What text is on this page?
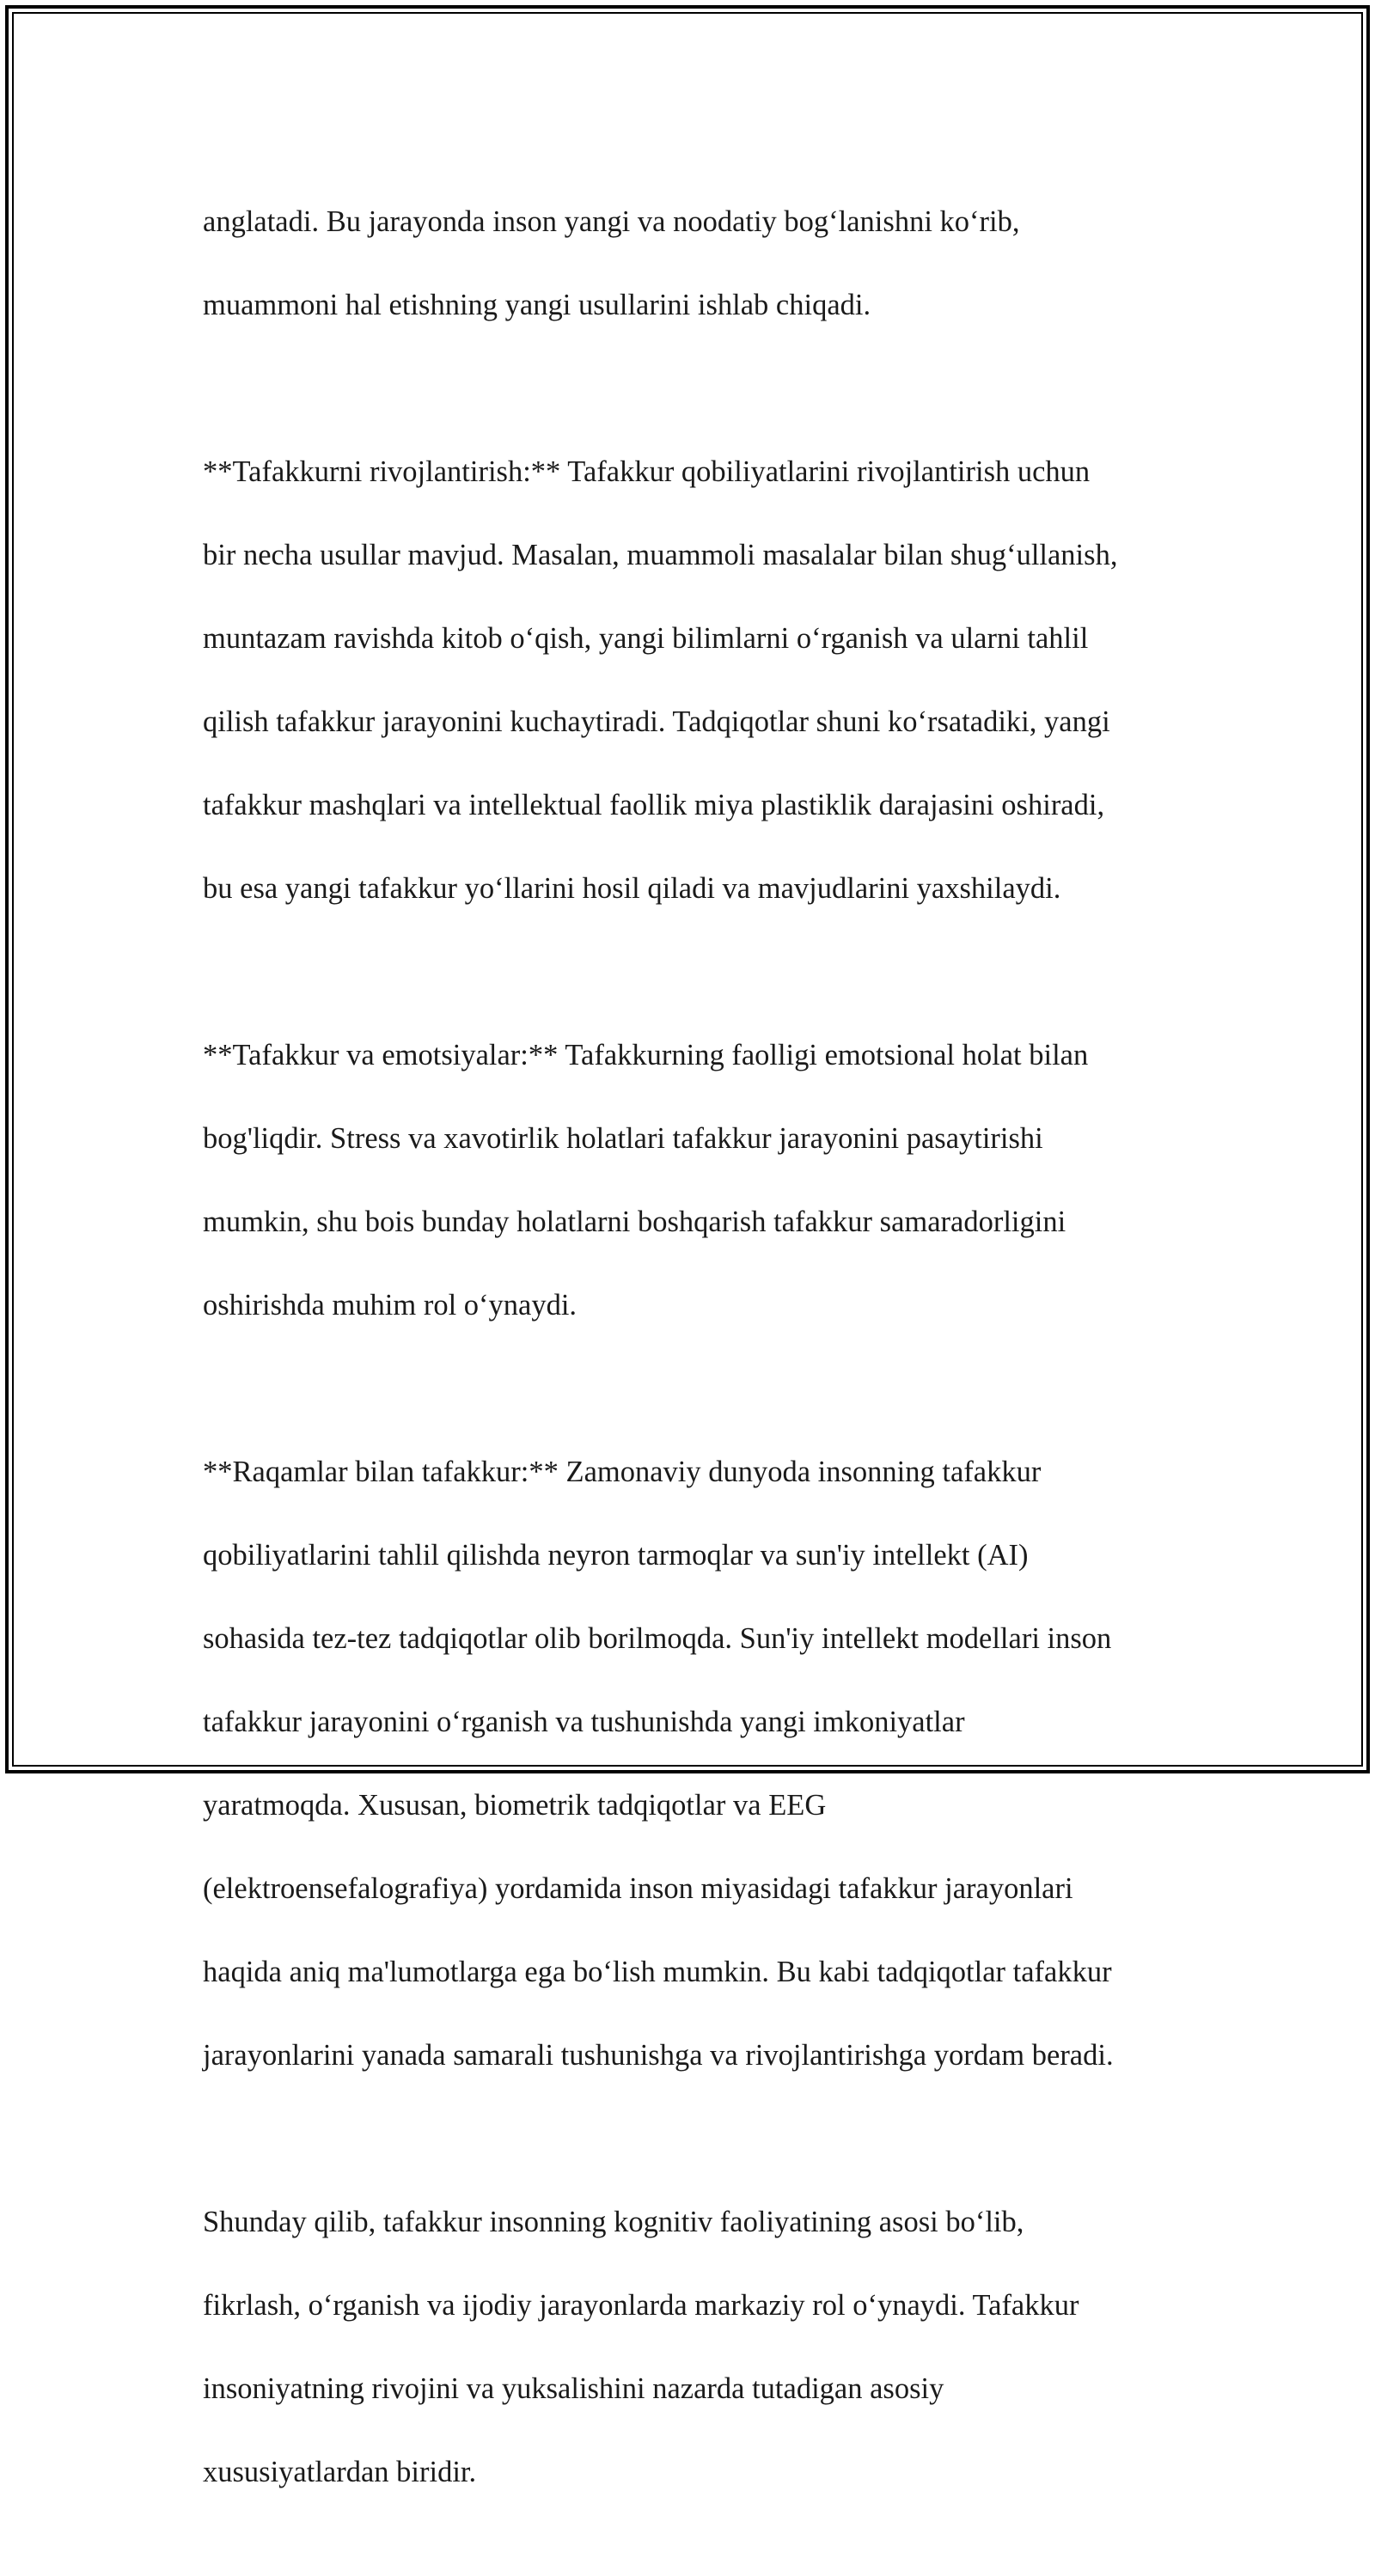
anglatadi. Bu jarayonda inson yangi va noodatiy bog‘lanishni ko‘rib,

muammoni hal etishning yangi usullarini ishlab chiqadi.

**Tafakkurni rivojlantirish:** Tafakkur qobiliyatlarini rivojlantirish uchun

bir necha usullar mavjud. Masalan, muammoli masalalar bilan shug‘ullanish,

muntazam ravishda kitob o‘qish, yangi bilimlarni o‘rganish va ularni tahlil

qilish tafakkur jarayonini kuchaytiradi. Tadqiqotlar shuni ko‘rsatadiki, yangi

tafakkur mashqlari va intellektual faollik miya plastiklik darajasini oshiradi,

bu esa yangi tafakkur yo‘llarini hosil qiladi va mavjudlarini yaxshilaydi.

**Tafakkur va emotsiyalar:** Tafakkurning faolligi emotsional holat bilan

bog'liqdir. Stress va xavotirlik holatlari tafakkur jarayonini pasaytirishi

mumkin, shu bois bunday holatlarni boshqarish tafakkur samaradorligini

oshirishda muhim rol o‘ynaydi.

**Raqamlar bilan tafakkur:** Zamonaviy dunyoda insonning tafakkur

qobiliyatlarini tahlil qilishda neyron tarmoqlar va sun'iy intellekt (AI)

sohasida tez-tez tadqiqotlar olib borilmoqda. Sun'iy intellekt modellari inson

tafakkur jarayonini o‘rganish va tushunishda yangi imkoniyatlar

yaratmoqda. Xususan, biometrik tadqiqotlar va EEG

(elektroensefalografiya) yordamida inson miyasidagi tafakkur jarayonlari

haqida aniq ma'lumotlarga ega bo‘lish mumkin. Bu kabi tadqiqotlar tafakkur

jarayonlarini yanada samarali tushunishga va rivojlantirishga yordam beradi.

Shunday qilib, tafakkur insonning kognitiv faoliyatining asosi bo‘lib,

fikrlash, o‘rganish va ijodiy jarayonlarda markaziy rol o‘ynaydi. Tafakkur

insoniyatning rivojini va yuksalishini nazarda tutadigan asosiy

xususiyatlardan biridir.
